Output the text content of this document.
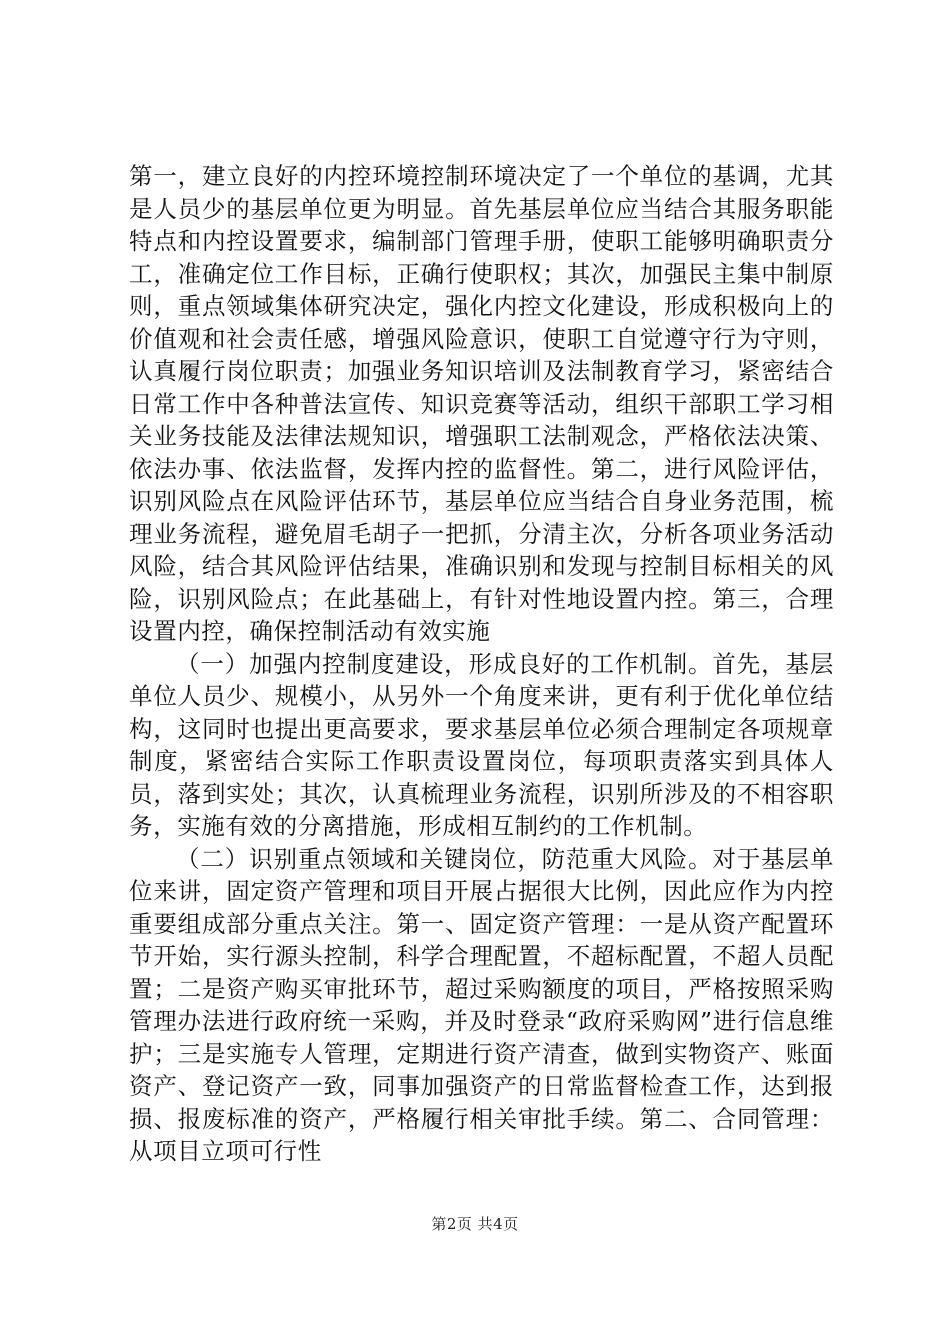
第一，建立良好的内控环境控制环境决定了一个单位的基调，尤其是人员少的基层单位更为明显。首先基层单位应当结合其服务职能特点和内控设置要求，编制部门管理手册，使职工能够明确职责分工，准确定位工作目标，正确行使职权；其次，加强民主集中制原则，重点领域集体研究决定，强化内控文化建设，形成积极向上的价值观和社会责任感，增强风险意识，使职工自觉遵守行为守则，认真履行岗位职责；加强业务知识培训及法制教育学习，紧密结合日常工作中各种普法宣传、知识竞赛等活动，组织干部职工学习相关业务技能及法律法规知识，增强职工法制观念，严格依法决策、依法办事、依法监督，发挥内控的监督性。第二，进行风险评估，识别风险点在风险评估环节，基层单位应当结合自身业务范围，梳理业务流程，避免眉毛胡子一把抓，分清主次，分析各项业务活动风险，结合其风险评估结果，准确识别和发现与控制目标相关的风险，识别风险点；在此基础上，有针对性地设置内控。第三，合理设置内控，确保控制活动有效实施

（一）加强内控制度建设，形成良好的工作机制。首先，基层单位人员少、规模小，从另外一个角度来讲，更有利于优化单位结构，这同时也提出更高要求，要求基层单位必须合理制定各项规章制度，紧密结合实际工作职责设置岗位，每项职责落实到具体人员，落到实处；其次，认真梳理业务流程，识别所涉及的不相容职务，实施有效的分离措施，形成相互制约的工作机制。

（二）识别重点领域和关键岗位，防范重大风险。对于基层单位来讲，固定资产管理和项目开展占据很大比例，因此应作为内控重要组成部分重点关注。第一、固定资产管理：一是从资产配置环节开始，实行源头控制，科学合理配置，不超标配置，不超人员配置；二是资产购买审批环节，超过采购额度的项目，严格按照采购管理办法进行政府统一采购，并及时登录“政府采购网”进行信息维护；三是实施专人管理，定期进行资产清查，做到实物资产、账面资产、登记资产一致，同事加强资产的日常监督检查工作，达到报损、报废标准的资产，严格履行相关审批手续。第二、合同管理：从项目立项可行性

第2页 共4页
